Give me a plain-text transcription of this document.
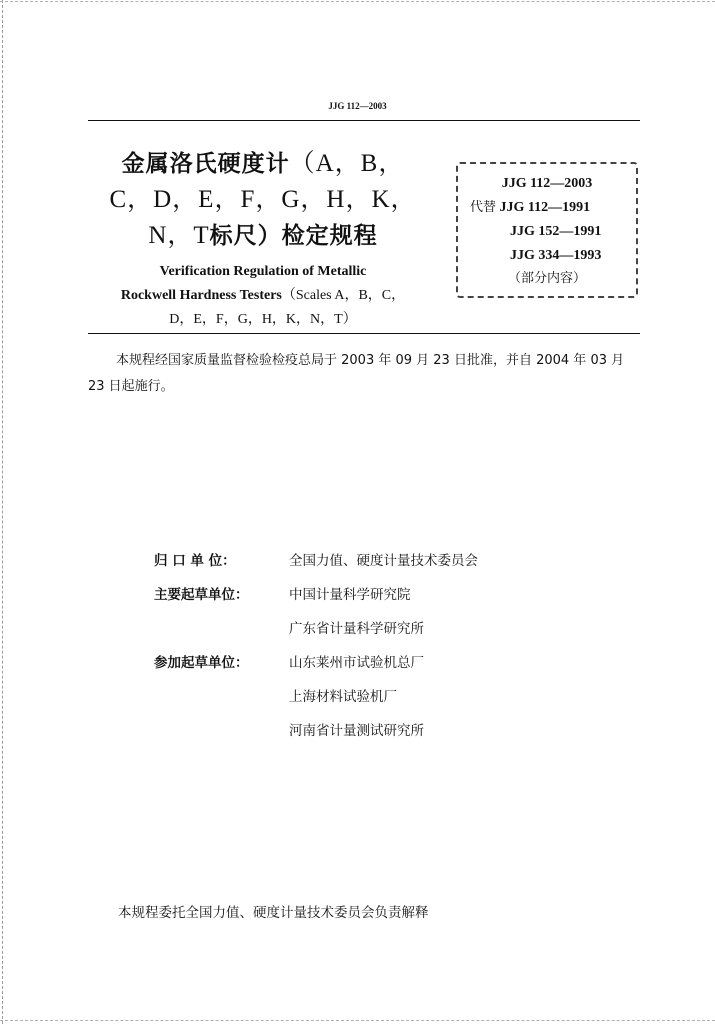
JJG 112—2003
金属洛氏硬度计（A，B，
C，D，E，F，G，H，K，
N，T标尺）检定规程
Verification Regulation of Metallic
Rockwell Hardness Testers（Scales A，B，C，
D，E，F，G，H，K，N，T）
JJG 112—2003
代替 JJG 112—1991
JJG 152—1991
JJG 334—1993
（部分内容）
本规程经国家质量监督检验检疫总局于 2003 年 09 月 23 日批准，并自 2004 年 03 月 23 日起施行。
归 口 单 位：	全国力值、硬度计量技术委员会
主要起草单位：	中国计量科学研究院
广东省计量科学研究所
参加起草单位：	山东莱州市试验机总厂
上海材料试验机厂
河南省计量测试研究所
本规程委托全国力值、硬度计量技术委员会负责解释
